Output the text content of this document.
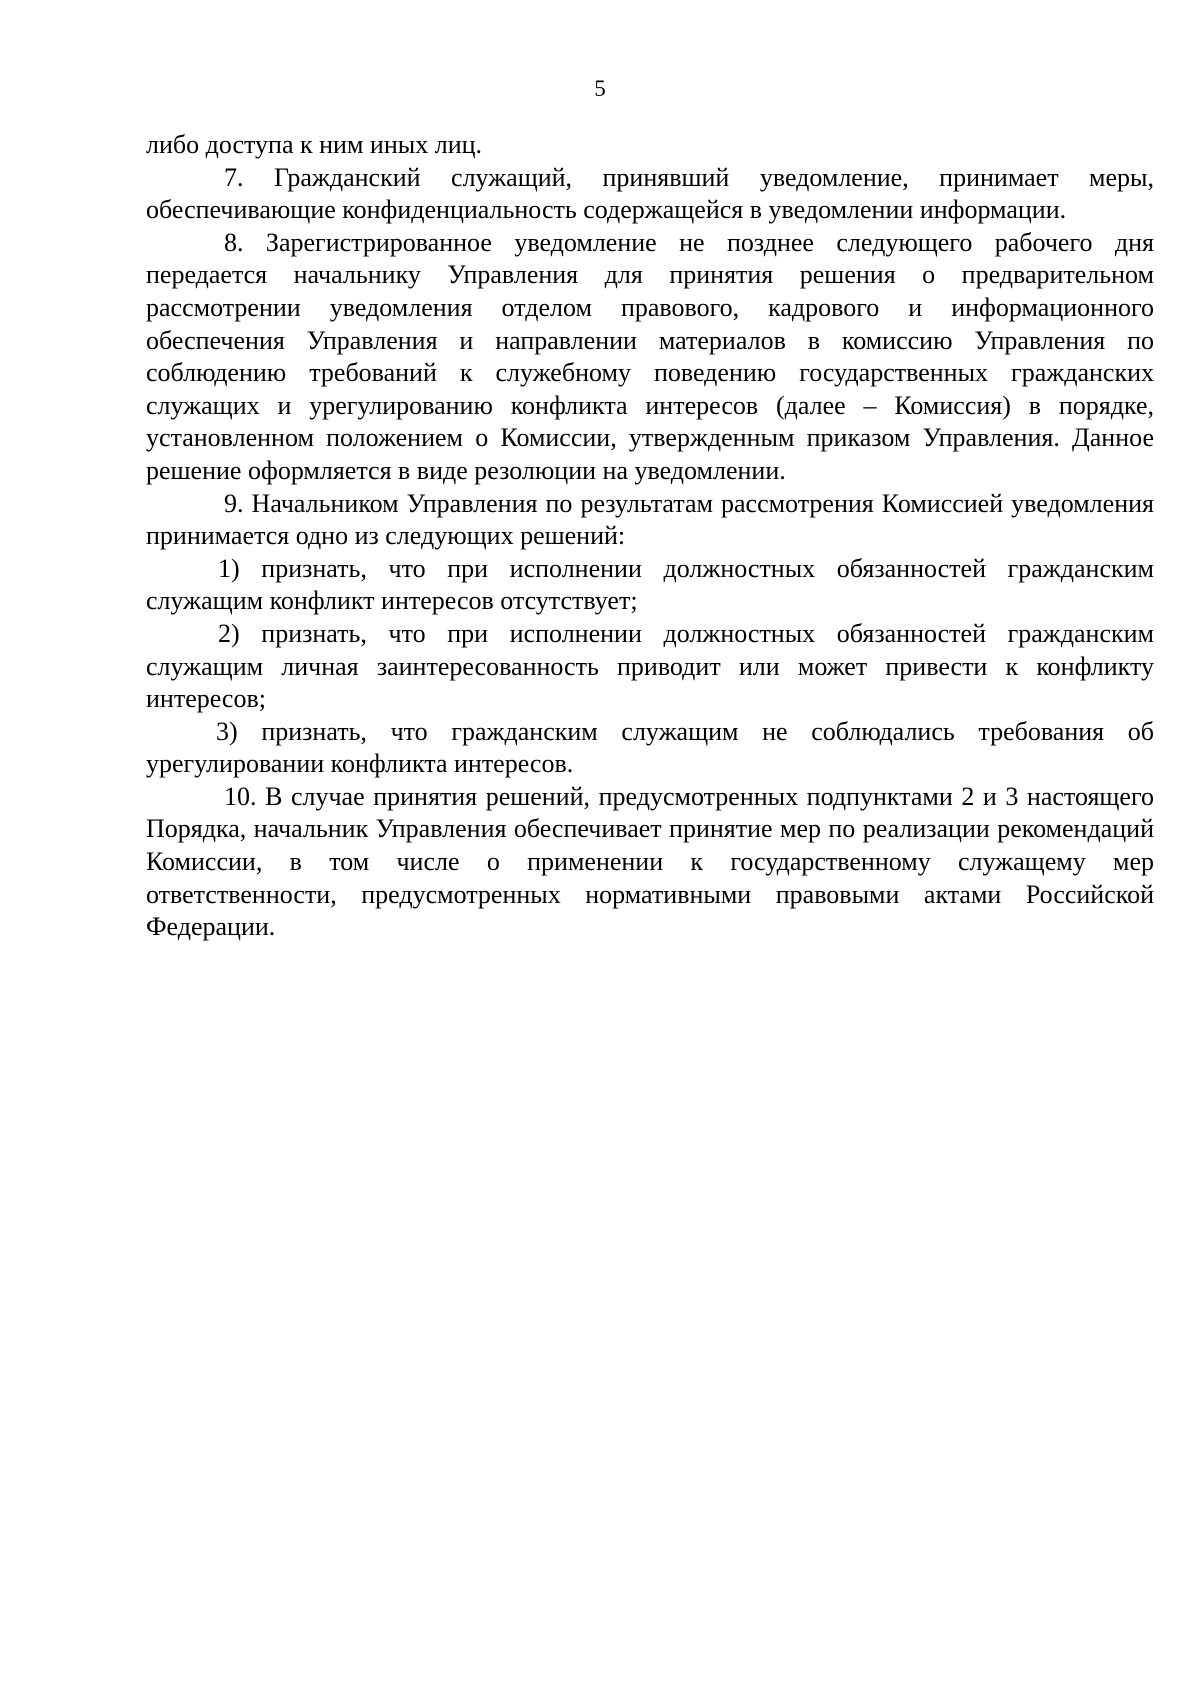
5

либо доступа к ним иных лиц.

7. Гражданский служащий, принявший уведомление, принимает меры, обеспечивающие конфиденциальность содержащейся в уведомлении информации.

8. Зарегистрированное уведомление не позднее следующего рабочего дня передается начальнику Управления для принятия решения о предварительном рассмотрении уведомления отделом правового, кадрового и информационного обеспечения Управления и направлении материалов в комиссию Управления по соблюдению требований к служебному поведению государственных гражданских служащих и урегулированию конфликта интересов (далее – Комиссия) в порядке, установленном положением о Комиссии, утвержденным приказом Управления. Данное решение оформляется в виде резолюции на уведомлении.

9. Начальником Управления по результатам рассмотрения Комиссией уведомления принимается одно из следующих решений:

1) признать, что при исполнении должностных обязанностей гражданским служащим конфликт интересов отсутствует;

2) признать, что при исполнении должностных обязанностей гражданским служащим личная заинтересованность приводит или может привести к конфликту интересов;

3) признать, что гражданским служащим не соблюдались требования об урегулировании конфликта интересов.

10. В случае принятия решений, предусмотренных подпунктами 2 и 3 настоящего Порядка, начальник Управления обеспечивает принятие мер по реализации рекомендаций Комиссии, в том числе о применении к государственному служащему мер ответственности, предусмотренных нормативными правовыми актами Российской Федерации.
